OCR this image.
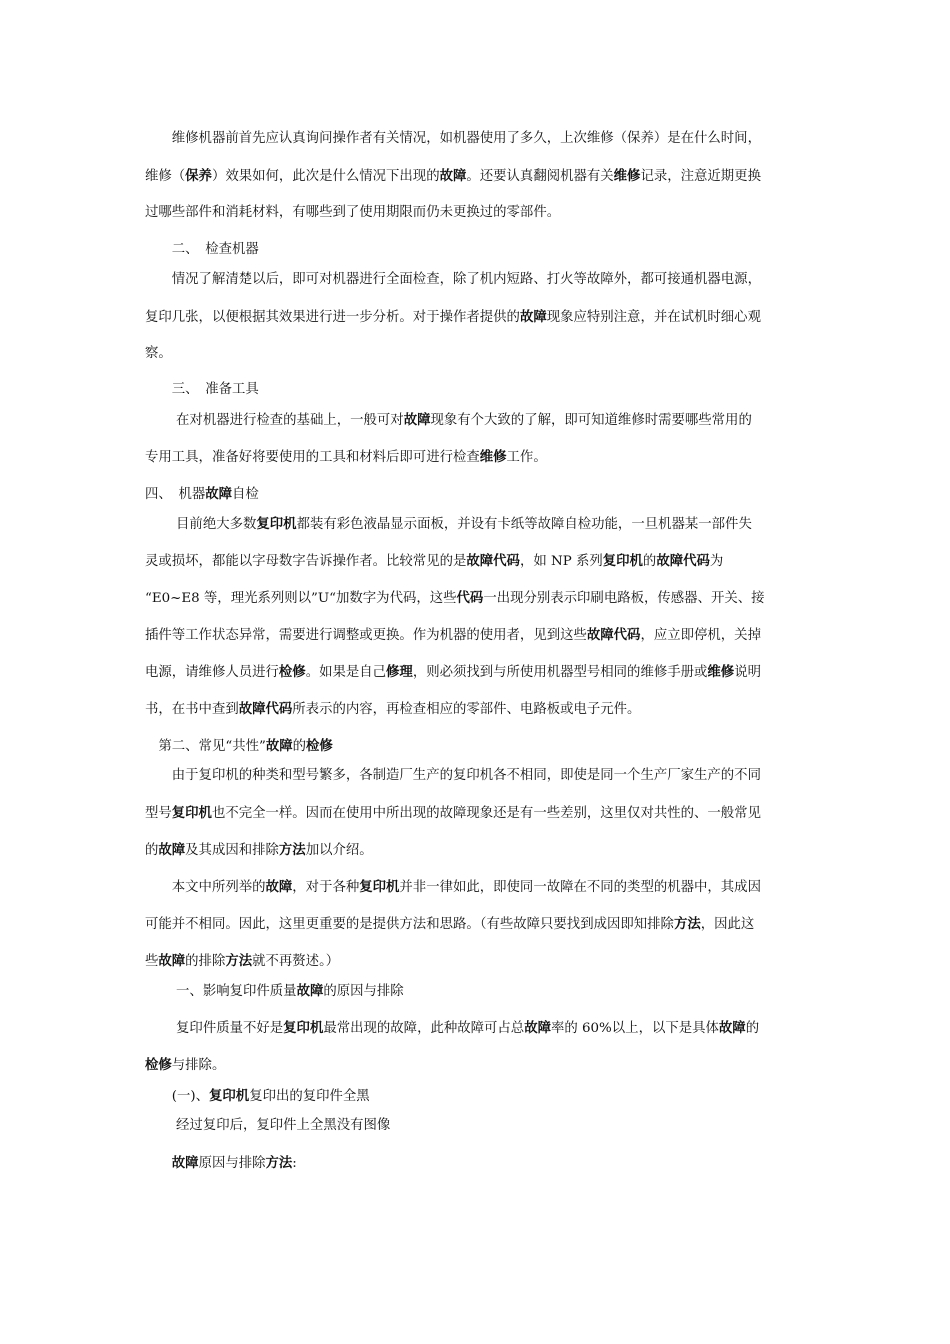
　　维修机器前首先应认真询问操作者有关情况，如机器使用了多久，上次维修（保养）是在什么时间，
维修（保养）效果如何，此次是什么情况下出现的故障。还要认真翻阅机器有关维修记录，注意近期更换
过哪些部件和消耗材料，有哪些到了使用期限而仍未更换过的零部件。
　　二、　检查机器
　　情况了解清楚以后，即可对机器进行全面检查，除了机内短路、打火等故障外，都可接通机器电源，
复印几张，以便根据其效果进行进一步分析。对于操作者提供的故障现象应特别注意，并在试机时细心观
察。
　　三、　准备工具
　　 在对机器进行检查的基础上，一般可对故障现象有个大致的了解，即可知道维修时需要哪些常用的
专用工具，准备好将要使用的工具和材料后即可进行检查维修工作。
四、　机器故障自检
　　 目前绝大多数复印机都装有彩色液晶显示面板，并设有卡纸等故障自检功能，一旦机器某一部件失
灵或损坏，都能以字母数字告诉操作者。比较常见的是故障代码，如 NP 系列复印机的故障代码为
“E0~E8 等，理光系列则以”U“加数字为代码，这些代码一出现分别表示印刷电路板，传感器、开关、接
插件等工作状态异常，需要进行调整或更换。作为机器的使用者，见到这些故障代码，应立即停机，关掉
电源，请维修人员进行检修。如果是自己修理，则必须找到与所使用机器型号相同的维修手册或维修说明
书，在书中查到故障代码所表示的内容，再检查相应的零部件、电路板或电子元件。
　第二、常见“共性”故障的检修
　　由于复印机的种类和型号繁多，各制造厂生产的复印机各不相同，即使是同一个生产厂家生产的不同
型号复印机也不完全一样。因而在使用中所出现的故障现象还是有一些差别，这里仅对共性的、一般常见
的故障及其成因和排除方法加以介绍。
　　本文中所列举的故障，对于各种复印机并非一律如此，即使同一故障在不同的类型的机器中，其成因
可能并不相同。因此，这里更重要的是提供方法和思路。（有些故障只要找到成因即知排除方法，因此这
些故障的排除方法就不再赘述。）
　　 一、影响复印件质量故障的原因与排除
　　 复印件质量不好是复印机最常出现的故障，此种故障可占总故障率的 60%以上，以下是具体故障的
检修与排除。
　　(一)、复印机复印出的复印件全黑
　　 经过复印后，复印件上全黑没有图像
　　故障原因与排除方法:
